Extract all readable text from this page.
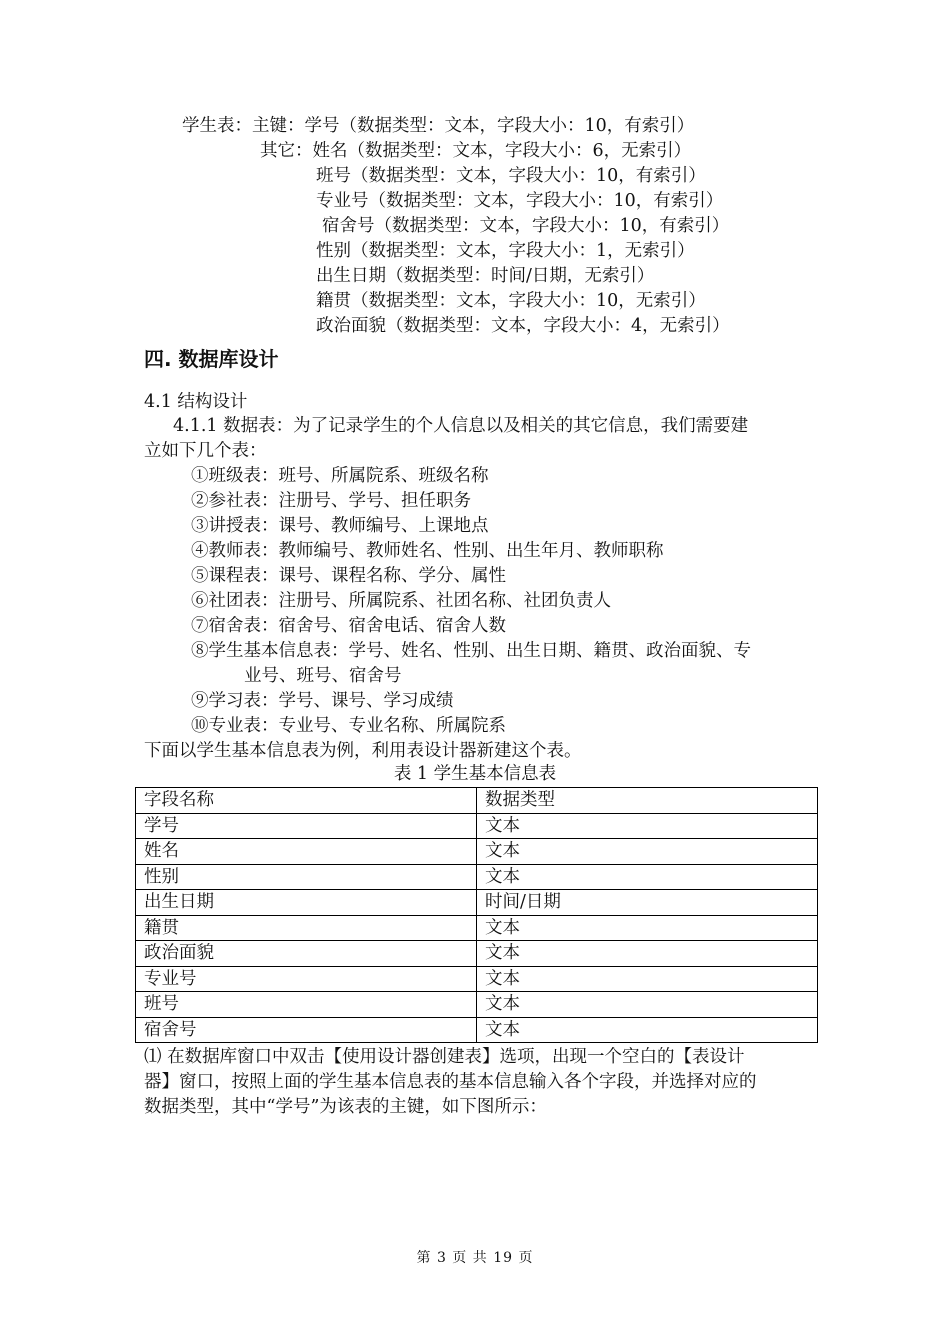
学生表：主键：学号（数据类型：文本，字段大小：10，有索引）
其它：姓名（数据类型：文本，字段大小：6，无索引）
班号（数据类型：文本，字段大小：10，有索引）
专业号（数据类型：文本，字段大小：10，有索引）
宿舍号（数据类型：文本，字段大小：10，有索引）
性别（数据类型：文本，字段大小：1，无索引）
出生日期（数据类型：时间/日期，无索引）
籍贯（数据类型：文本，字段大小：10，无索引）
政治面貌（数据类型：文本，字段大小：4，无索引）
四. 数据库设计
4.1 结构设计
4.1.1 数据表：为了记录学生的个人信息以及相关的其它信息，我们需要建
立如下几个表：
①班级表：班号、所属院系、班级名称
②参社表：注册号、学号、担任职务
③讲授表：课号、教师编号、上课地点
④教师表：教师编号、教师姓名、性别、出生年月、教师职称
⑤课程表：课号、课程名称、学分、属性
⑥社团表：注册号、所属院系、社团名称、社团负责人
⑦宿舍表：宿舍号、宿舍电话、宿舍人数
⑧学生基本信息表：学号、姓名、性别、出生日期、籍贯、政治面貌、专
业号、班号、宿舍号
⑨学习表：学号、课号、学习成绩
⑩专业表：专业号、专业名称、所属院系
下面以学生基本信息表为例，利用表设计器新建这个表。
表 1 学生基本信息表
字段名称	数据类型
学号	文本
姓名	文本
性别	文本
出生日期	时间/日期
籍贯	文本
政治面貌	文本
专业号	文本
班号	文本
宿舍号	文本
⑴ 在数据库窗口中双击【使用设计器创建表】选项，出现一个空白的【表设计
器】窗口，按照上面的学生基本信息表的基本信息输入各个字段，并选择对应的
数据类型，其中“学号”为该表的主键，如下图所示：
第 3 页 共 19 页
